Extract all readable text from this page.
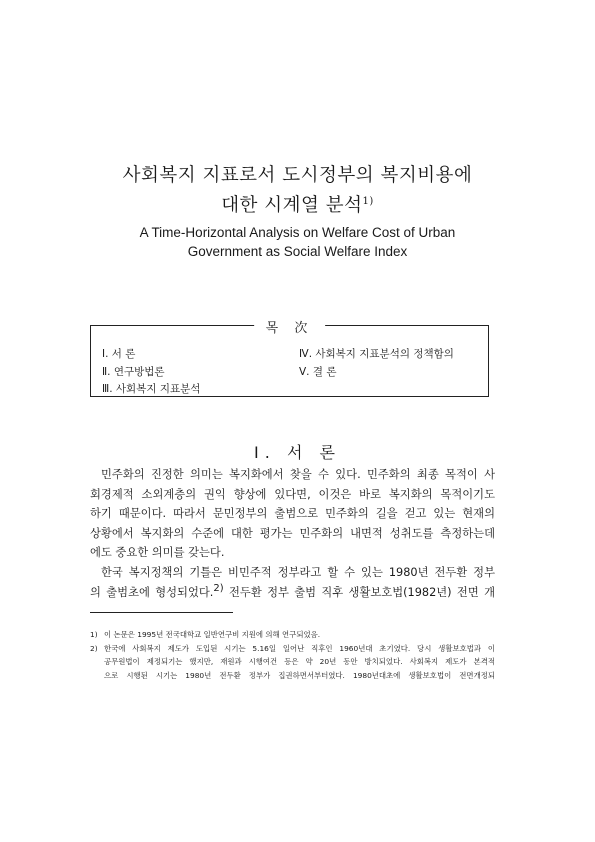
사회복지 지표로서 도시정부의 복지비용에
대한 시계열 분석$^{1)}$
A Time-Horizontal Analysis on Welfare Cost of Urban
Government as Social Welfare Index
목 次
Ⅰ. 서 론
Ⅱ. 연구방법론
Ⅲ. 사회복지 지표분석
Ⅳ. 사회복지 지표분석의 정책함의
Ⅴ. 결 론
Ⅰ. 서 론
민주화의 진정한 의미는 복지화에서 찾을 수 있다. 민주화의 최종 목적이 사
회경제적 소외계층의 권익 향상에 있다면, 이것은 바로 복지화의 목적이기도
하기 때문이다. 따라서 문민정부의 출범으로 민주화의 길을 걷고 있는 현재의
상황에서 복지화의 수준에 대한 평가는 민주화의 내면적 성취도를 측정하는데
에도 중요한 의미를 갖는다.
한국 복지정책의 기틀은 비민주적 정부라고 할 수 있는 1980년 전두환 정부
의 출범초에 형성되었다.2) 전두환 정부 출범 직후 생활보호법(1982년) 전면 개
1) 이 논문은 1995년 전국대학교 일반연구비 지원에 의해 연구되었음.
2) 한국에 사회복지 제도가 도입된 시기는 5.16일 일어난 직후인 1960년대 초기였다. 당시 생활보호법과 이
공무원법이 제정되기는 했지만, 재원과 시행여건 등은 약 20년 동안 방치되었다. 사회복지 제도가 본격적
으로 시행된 시기는 1980년 전두환 정부가 집권하면서부터였다. 1980년대초에 생활보호법이 전면개정되
